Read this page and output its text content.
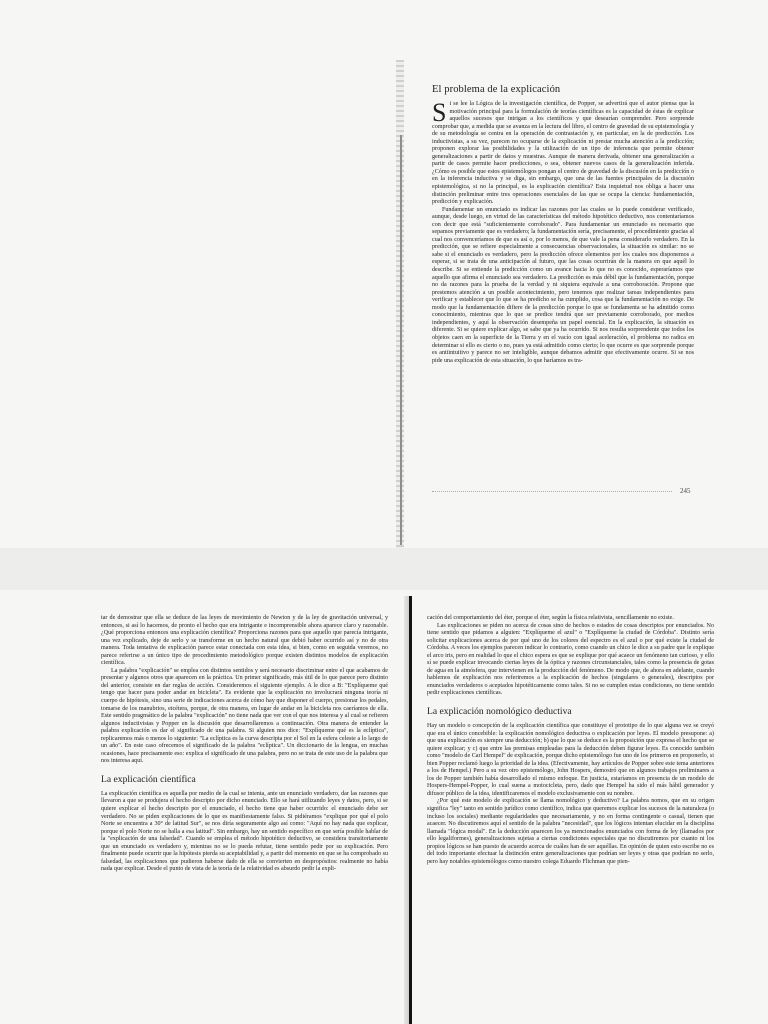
El problema de la explicación

Si se lee la Lógica de la investigación científica, de Popper, se advertirá que el autor piensa que la motivación principal para la formulación de teorías científicas es la capacidad de éstas de explicar aquellos sucesos que intrigan a los científicos y que desearían comprender. Pero sorprende comprobar que, a medida que se avanza en la lectura del libro, el centro de gravedad de su epistemología y de su metodología se centra en la operación de contrastación y, en particular, en la de predicción. Los inductivistas, a su vez, parecen no ocuparse de la explicación ni prestar mucha atención a la predicción; proponen explorar las posibilidades y la utilización de un tipo de inferencia que permite obtener generalizaciones a partir de datos y muestras. Aunque de manera derivada, obtener una generalización a partir de casos permite hacer predicciones, o sea, obtener nuevos casos de la generalización inferida. ¿Cómo es posible que estos epistemólogos pongan el centro de gravedad de la discusión en la predicción o en la inferencia inductiva y se diga, sin embargo, que una de las fuentes principales de la discusión epistemológica, si no la principal, es la explicación científica? Esta inquietud nos obliga a hacer una distinción preliminar entre tres operaciones esenciales de las que se ocupa la ciencia: fundamentación, predicción y explicación.

Fundamentar un enunciado es indicar las razones por las cuales se lo puede considerar verificado, aunque, desde luego, en virtud de las características del método hipotético deductivo, nos contentaríamos con decir que está "suficientemente corroborado". Para fundamentar un enunciado es necesario que sepamos previamente que es verdadero; la fundamentación sería, precisamente, el procedimiento gracias al cual nos convenceríamos de que es así o, por lo menos, de que vale la pena considerarlo verdadero. En la predicción, que se refiere especialmente a consecuencias observacionales, la situación es similar: no se sabe si el enunciado es verdadero, pero la predicción ofrece elementos por los cuales nos disponemos a esperar, si se trata de una anticipación al futuro, que las cosas ocurrirán de la manera en que aquél lo describe. Si se entiende la predicción como un avance hacia lo que no es conocido, esperaríamos que aquello que afirma el enunciado sea verdadero. La predicción es más débil que la fundamentación, porque no da razones para la prueba de la verdad y ni siquiera equivale a una corroboración. Propone que prestemos atención a un posible acontecimiento, pero tenemos que realizar tareas independientes para verificar y establecer que lo que se ha predicho se ha cumplido, cosa que la fundamentación no exige. De modo que la fundamentación difiere de la predicción porque lo que se fundamenta se ha admitido como conocimiento, mientras que lo que se predice tendrá que ser previamente corroborado, por medios independientes, y aquí la observación desempeña un papel esencial. En la explicación, la situación es diferente. Si se quiere explicar algo, se sabe que ya ha ocurrido. Si nos resulta sorprendente que todos los objetos caen en la superficie de la Tierra y en el vacío con igual aceleración, el problema no radica en determinar si ello es cierto o no, pues ya está admitido como cierto; lo que ocurre es que sorprende porque es antiintuitivo y parece no ser inteligible, aunque debamos admitir que efectivamente ocurre. Si se nos pide una explicación de esta situación, lo que haríamos es tra-

245

tar de demostrar que ella se deduce de las leyes de movimiento de Newton y de la ley de gravitación universal, y entonces, si así lo hacemos, de pronto el hecho que era intrigante e incomprensible ahora aparece claro y razonable. ¿Qué proporciona entonces una explicación científica? Proporciona razones para que aquello que parecía intrigante, una vez explicado, deje de serlo y se transforme en un hecho natural que debió haber ocurrido así y no de otra manera. Toda tentativa de explicación parece estar conectada con esta idea, si bien, como en seguida veremos, no parece referirse a un único tipo de procedimiento metodológico porque existen distintos modelos de explicación científica.

La palabra "explicación" se emplea con distintos sentidos y será necesario discriminar entre el que acabamos de presentar y algunos otros que aparecen en la práctica. Un primer significado, más útil de lo que parece pero distinto del anterior, consiste en dar reglas de acción. Consideremos el siguiente ejemplo. A le dice a B: "Explíqueme qué tengo que hacer para poder andar en bicicleta". Es evidente que la explicación no involucrará ninguna teoría ni cuerpo de hipótesis, sino una serie de indicaciones acerca de cómo hay que disponer el cuerpo, presionar los pedales, tomarse de los manubrios, etcétera, porque, de otra manera, en lugar de andar en la bicicleta nos caeríamos de ella. Este sentido pragmático de la palabra "explicación" no tiene nada que ver con el que nos interesa y al cual se refieren algunos inductivistas y Popper en la discusión que desarrollaremos a continuación. Otra manera de entender la palabra explicación es dar el significado de una palabra. Si alguien nos dice: "Explíqueme qué es la eclíptica", replicaremos más o menos lo siguiente: "La eclíptica es la curva descripta por el Sol en la esfera celeste a lo largo de un año". En este caso ofrecemos el significado de la palabra "eclíptica". Un diccionario de la lengua, en muchas ocasiones, hace precisamente eso: explica el significado de una palabra, pero no se trata de este uso de la palabra que nos interesa aquí.

La explicación científica

La explicación científica es aquella por medio de la cual se intenta, ante un enunciado verdadero, dar las razones que llevaron a que se produjera el hecho descripto por dicho enunciado. Ello se hará utilizando leyes y datos, pero, si se quiere explicar el hecho descripto por el enunciado, el hecho tiene que haber ocurrido: el enunciado debe ser verdadero. No se piden explicaciones de lo que es manifiestamente falso. Si pidiéramos "explique por qué el polo Norte se encuentra a 30° de latitud Sur", se nos diría seguramente algo así como: "Aquí no hay nada que explicar, porque el polo Norte no se halla a esa latitud". Sin embargo, hay un sentido específico en que sería posible hablar de la "explicación de una falsedad". Cuando se emplea el método hipotético deductivo, se considera transitoriamente que un enunciado es verdadero y, mientras no se lo pueda refutar, tiene sentido pedir por su explicación. Pero finalmente puede ocurrir que la hipótesis pierda su aceptabilidad y, a partir del momento en que se ha comprobado su falsedad, las explicaciones que pudieron haberse dado de ella se convierten en despropósitos: realmente no había nada que explicar. Desde el punto de vista de la teoría de la relatividad es absurdo pedir la expli-

cación del comportamiento del éter, porque el éter, según la física relativista, sencillamente no existe.

Las explicaciones se piden no acerca de cosas sino de hechos o estados de cosas descriptos por enunciados. No tiene sentido que pidamos a alguien: "Explíqueme el azul" o "Explíqueme la ciudad de Córdoba". Distinto sería solicitar explicaciones acerca de por qué uno de los colores del espectro es el azul o por qué existe la ciudad de Córdoba. A veces los ejemplos parecen indicar lo contrario, como cuando un chico le dice a su padre que le explique el arco iris, pero en realidad lo que el chico espera es que se explique por qué acaece un fenómeno tan curioso, y ello sí se puede explicar invocando ciertas leyes de la óptica y razones circunstanciales, tales como la presencia de gotas de agua en la atmósfera, que intervienen en la producción del fenómeno. De modo que, de ahora en adelante, cuando hablemos de explicación nos referiremos a la explicación de hechos (singulares o generales), descriptos por enunciados verdaderos o aceptados hipotéticamente como tales. Si no se cumplen estas condiciones, no tiene sentido pedir explicaciones científicas.

La explicación nomológico deductiva

Hay un modelo o concepción de la explicación científica que constituye el prototipo de lo que alguna vez se creyó que era el único concebible: la explicación nomológico deductiva o explicación por leyes. El modelo presupone: a) que una explicación es siempre una deducción; b) que lo que se deduce es la proposición que expresa el hecho que se quiere explicar; y c) que entre las premisas empleadas para la deducción deben figurar leyes. Es conocido también como "modelo de Carl Hempel" de explicación, porque dicho epistemólogo fue uno de los primeros en proponerlo, si bien Popper reclamó luego la prioridad de la idea. (Efectivamente, hay artículos de Popper sobre este tema anteriores a los de Hempel.) Pero a su vez otro epistemólogo, John Hospers, demostró que en algunos trabajos preliminares a los de Popper también había desarrollado el mismo enfoque. En justicia, estaríamos en presencia de un modelo de Hospers-Hempel-Popper, lo cual suena a motocicleta, pero, dado que Hempel ha sido el más hábil generador y difusor público de la idea, identificaremos el modelo exclusivamente con su nombre.

¿Por qué este modelo de explicación se llama nomológico y deductivo? La palabra nomos, que en su origen significa "ley" tanto en sentido jurídico como científico, indica que queremos explicar los sucesos de la naturaleza (o incluso los sociales) mediante regularidades que necesariamente, y no en forma contingente o casual, tienen que acaecer. No discutiremos aquí el sentido de la palabra "necesidad", que los lógicos intentan elucidar en la disciplina llamada "lógica modal". En la deducción aparecen los ya mencionados enunciados con forma de ley (llamados por ello legaliformes), generalizaciones sujetas a ciertas condiciones especiales que no discutiremos por cuanto ni los propios lógicos se han puesto de acuerdo acerca de cuáles han de ser aquéllas. En opinión de quien esto escribe no es del todo importante efectuar la distinción entre generalizaciones que podrían ser leyes y otras que podrían no serlo, pero hay notables epistemólogos como nuestro colega Eduardo Flichman que pien-
